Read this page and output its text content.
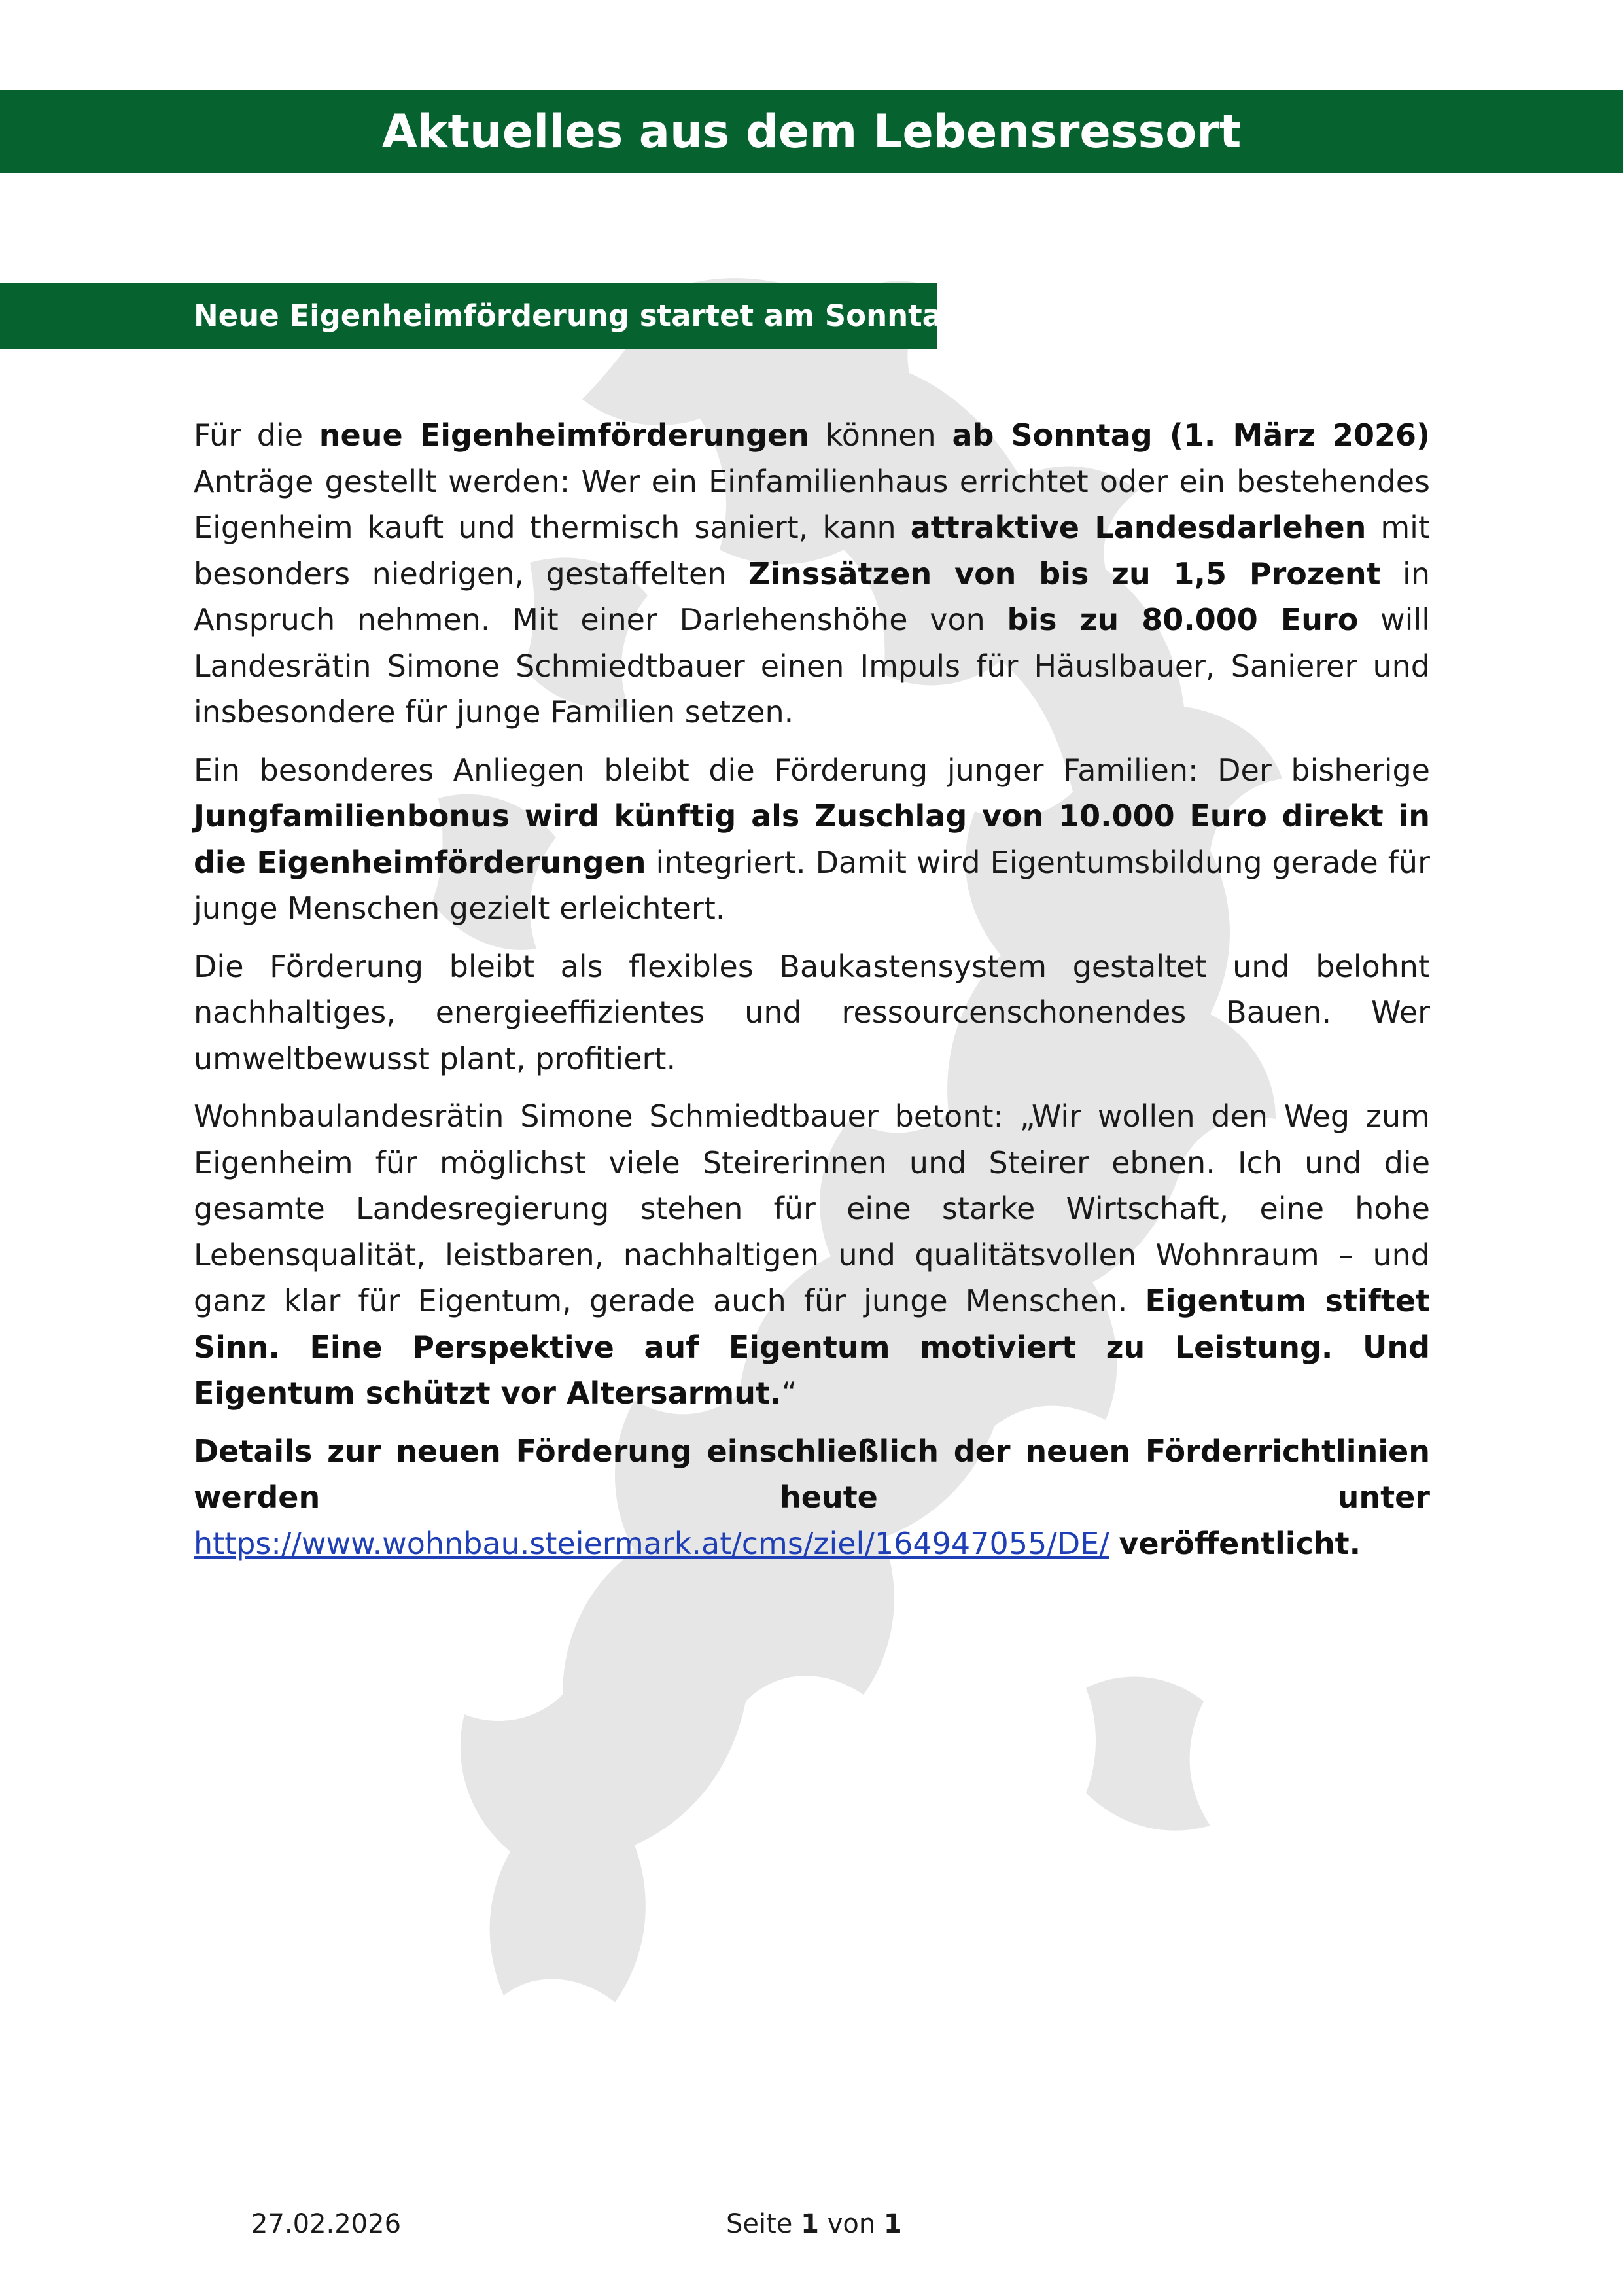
Aktuelles aus dem Lebensressort
Neue Eigenheimförderung startet am Sonntag:

Für die neue Eigenheimförderungen können ab Sonntag (1. März 2026) Anträge gestellt werden: Wer ein Einfamilienhaus errichtet oder ein bestehendes Eigenheim kauft und thermisch saniert, kann attraktive Landesdarlehen mit besonders niedrigen, gestaffelten Zinssätzen von bis zu 1,5 Prozent in Anspruch nehmen. Mit einer Darlehenshöhe von bis zu 80.000 Euro will Landesrätin Simone Schmiedtbauer einen Impuls für Häuslbauer, Sanierer und insbesondere für junge Familien setzen.

Ein besonderes Anliegen bleibt die Förderung junger Familien: Der bisherige Jungfamilienbonus wird künftig als Zuschlag von 10.000 Euro direkt in die Eigenheimförderungen integriert. Damit wird Eigentumsbildung gerade für junge Menschen gezielt erleichtert.

Die Förderung bleibt als flexibles Baukastensystem gestaltet und belohnt nachhaltiges, energieeffizientes und ressourcenschonendes Bauen. Wer umweltbewusst plant, profitiert.

Wohnbaulandesrätin Simone Schmiedtbauer betont: „Wir wollen den Weg zum Eigenheim für möglichst viele Steirerinnen und Steirer ebnen. Ich und die gesamte Landesregierung stehen für eine starke Wirtschaft, eine hohe Lebensqualität, leistbaren, nachhaltigen und qualitätsvollen Wohnraum – und ganz klar für Eigentum, gerade auch für junge Menschen. Eigentum stiftet Sinn. Eine Perspektive auf Eigentum motiviert zu Leistung. Und Eigentum schützt vor Altersarmut.“

Details zur neuen Förderung einschließlich der neuen Förderrichtlinien werden heute unter https://www.wohnbau.steiermark.at/cms/ziel/164947055/DE/ veröffentlicht.

27.02.2026	Seite 1 von 1
